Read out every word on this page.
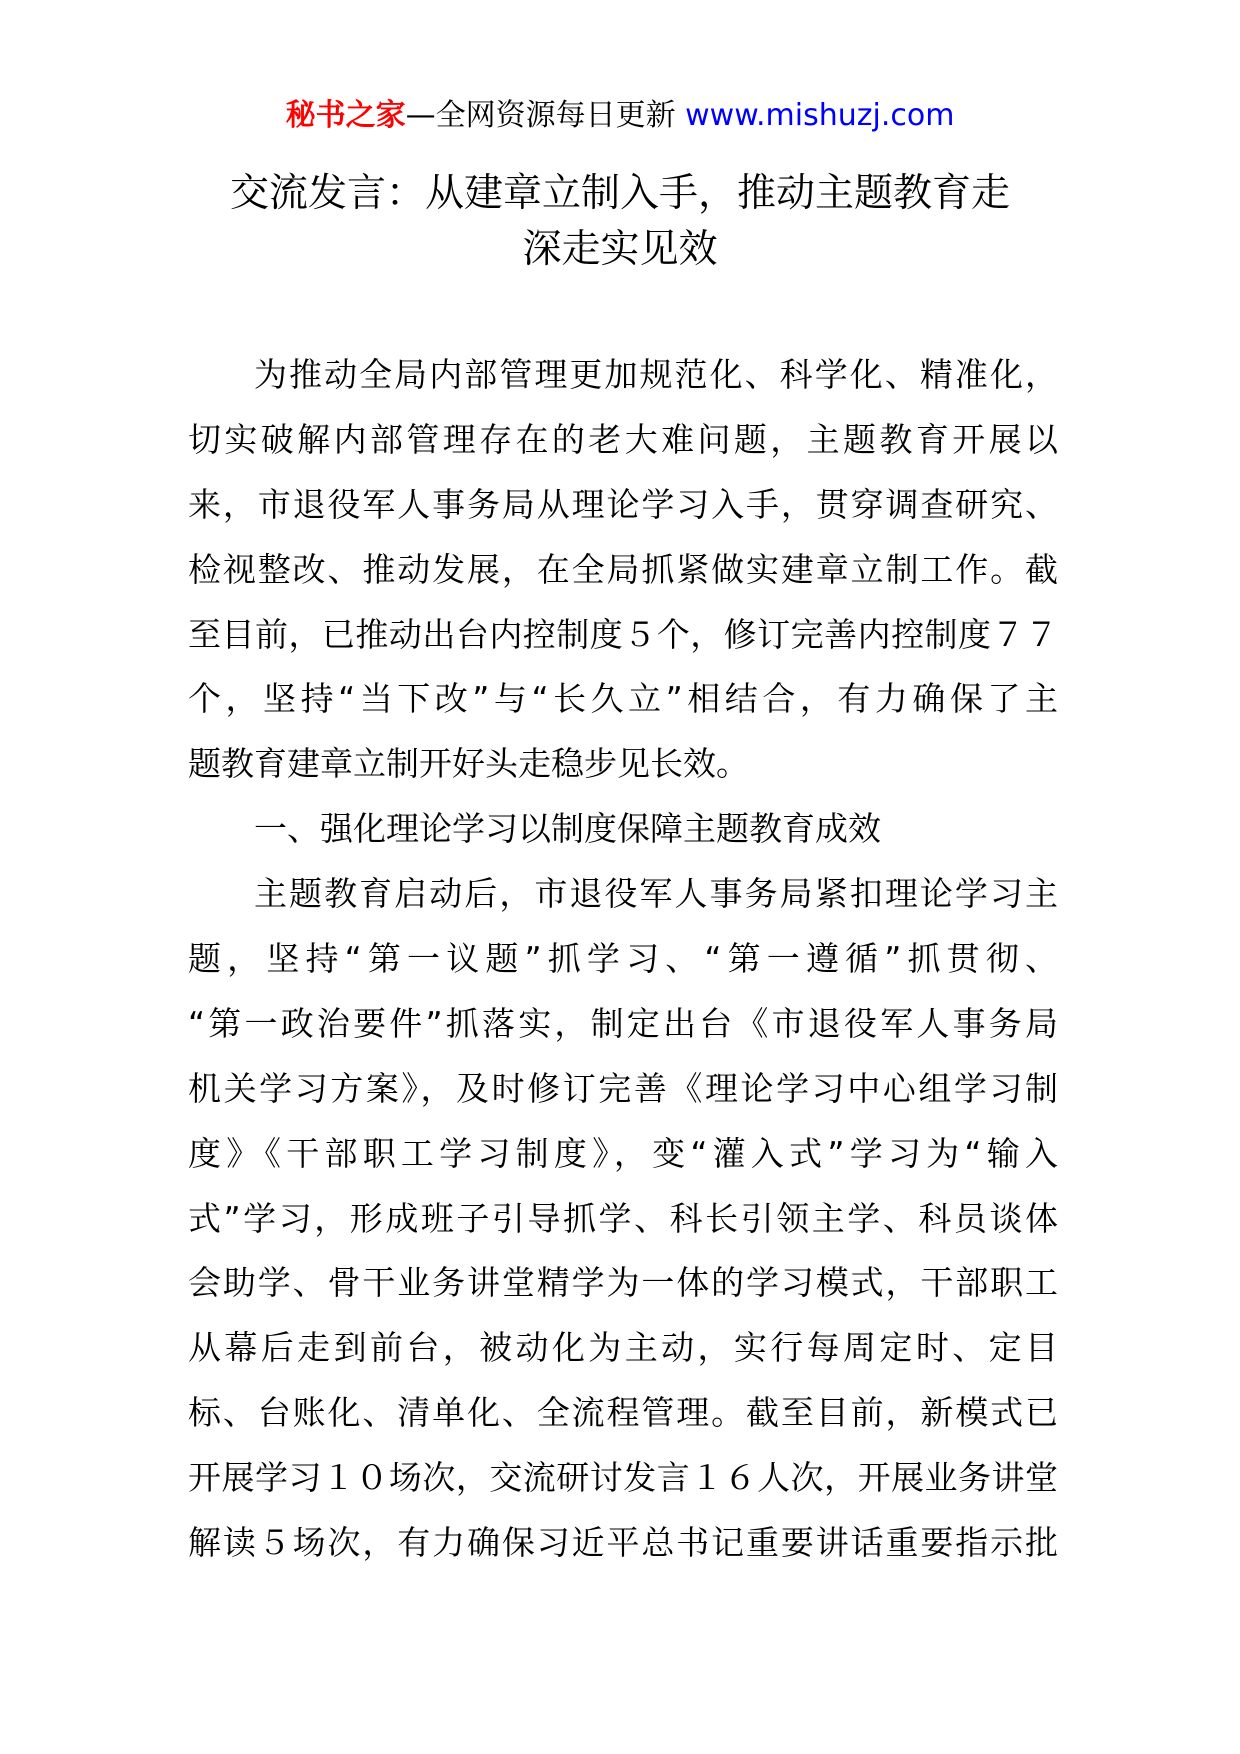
秘书之家—全网资源每日更新 www.mishuzj.com
交流发言：从建章立制入手，推动主题教育走
深走实见效
为推动全局内部管理更加规范化、科学化、精准化，
切实破解内部管理存在的老大难问题，主题教育开展以
来，市退役军人事务局从理论学习入手，贯穿调查研究、
检视整改、推动发展，在全局抓紧做实建章立制工作。截
至目前，已推动出台内控制度５个，修订完善内控制度７７
个，坚持“当下改”与“长久立”相结合，有力确保了主
题教育建章立制开好头走稳步见长效。
一、强化理论学习以制度保障主题教育成效
主题教育启动后，市退役军人事务局紧扣理论学习主
题，坚持“第一议题”抓学习、“第一遵循”抓贯彻、
“第一政治要件”抓落实，制定出台《市退役军人事务局
机关学习方案》，及时修订完善《理论学习中心组学习制
度》《干部职工学习制度》，变“灌入式”学习为“输入
式”学习，形成班子引导抓学、科长引领主学、科员谈体
会助学、骨干业务讲堂精学为一体的学习模式，干部职工
从幕后走到前台，被动化为主动，实行每周定时、定目
标、台账化、清单化、全流程管理。截至目前，新模式已
开展学习１０场次，交流研讨发言１６人次，开展业务讲堂
解读５场次，有力确保习近平总书记重要讲话重要指示批
